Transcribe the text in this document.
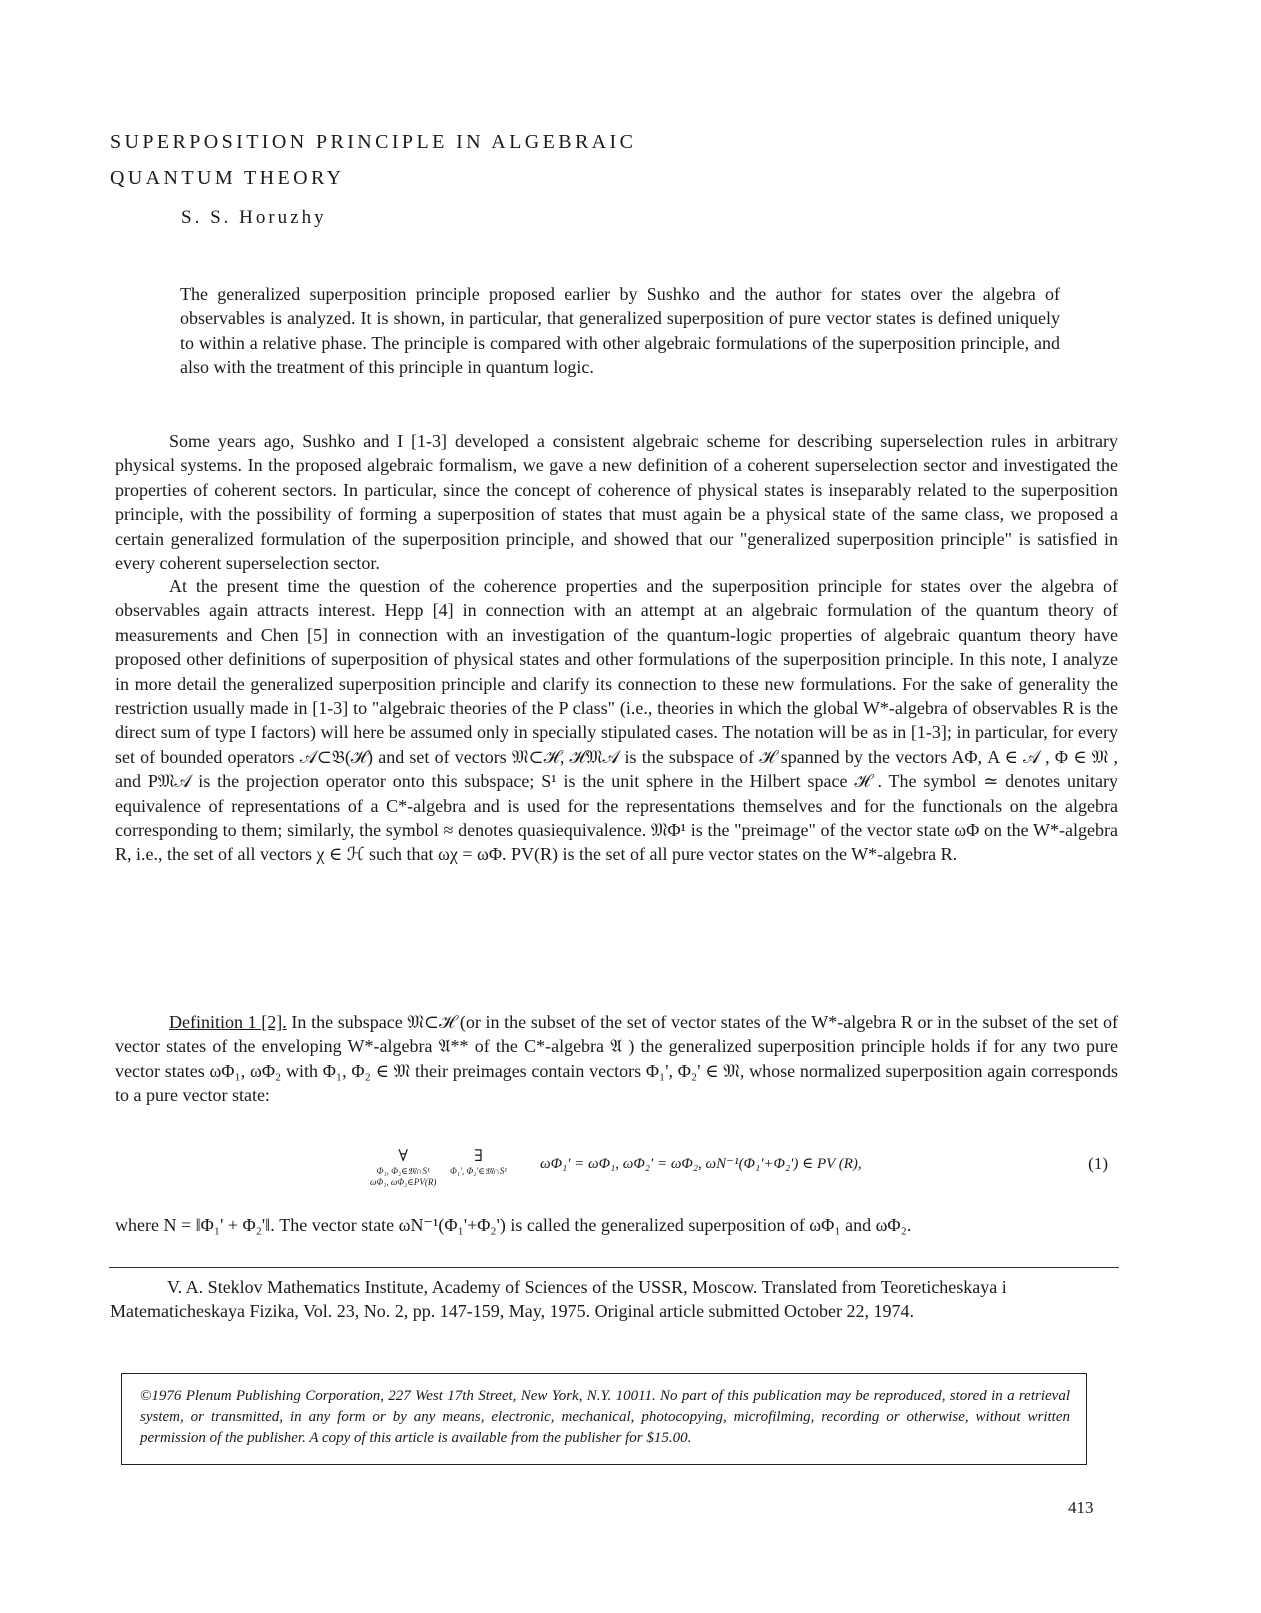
SUPERPOSITION PRINCIPLE IN ALGEBRAIC
QUANTUM THEORY
S. S. Horuzhy
The generalized superposition principle proposed earlier by Sushko and the author for states over the algebra of observables is analyzed. It is shown, in particular, that generalized superposition of pure vector states is defined uniquely to within a relative phase. The principle is compared with other algebraic formulations of the superposition principle, and also with the treatment of this principle in quantum logic.

Some years ago, Sushko and I [1-3] developed a consistent algebraic scheme for describing superselection rules in arbitrary physical systems. In the proposed algebraic formalism, we gave a new definition of a coherent superselection sector and investigated the properties of coherent sectors. In particular, since the concept of coherence of physical states is inseparably related to the superposition principle, with the possibility of forming a superposition of states that must again be a physical state of the same class, we proposed a certain generalized formulation of the superposition principle, and showed that our "generalized superposition principle" is satisfied in every coherent superselection sector.

At the present time the question of the coherence properties and the superposition principle for states over the algebra of observables again attracts interest. Hepp [4] in connection with an attempt at an algebraic formulation of the quantum theory of measurements and Chen [5] in connection with an investigation of the quantum-logic properties of algebraic quantum theory have proposed other definitions of superposition of physical states and other formulations of the superposition principle. In this note, I analyze in more detail the generalized superposition principle and clarify its connection to these new formulations. For the sake of generality the restriction usually made in [1-3] to "algebraic theories of the P class" (i.e., theories in which the global W*-algebra of observables R is the direct sum of type I factors) will here be assumed only in specially stipulated cases. The notation will be as in [1-3]; in particular, for every set of bounded operators 𝒜⊂𝔅(ℋ) and set of vectors 𝔐⊂ℋ, ℋ𝔐𝒜 is the subspace of ℋ spanned by the vectors AΦ, A ∈ 𝒜 , Φ ∈ 𝔐 , and P𝔐𝒜 is the projection operator onto this subspace; S¹ is the unit sphere in the Hilbert space ℋ . The symbol ≃ denotes unitary equivalence of representations of a C*-algebra and is used for the representations themselves and for the functionals on the algebra corresponding to them; similarly, the symbol ≈ denotes quasiequivalence. 𝔐Φ¹ is the "preimage" of the vector state ωΦ on the W*-algebra R, i.e., the set of all vectors χ ∈ ℋ such that ωχ = ωΦ. PV(R) is the set of all pure vector states on the W*-algebra R.

Definition 1 [2]. In the subspace 𝔐⊂ℋ (or in the subset of the set of vector states of the W*-algebra R or in the subset of the set of vector states of the enveloping W*-algebra 𝔄** of the C*-algebra 𝔄 ) the generalized superposition principle holds if for any two pure vector states ωΦ₁, ωΦ₂ with Φ₁, Φ₂ ∈ 𝔐 their preimages contain vectors Φ₁', Φ₂' ∈ 𝔐, whose normalized superposition again corresponds to a pure vector state:

∀
Φ₁, Φ₂∈𝔐∩S¹
ωΦ₁, ωΦ₂∈PV(R)
∃
Φ₁', Φ₂'∈𝔐∩S¹ ωΦ₁' = ωΦ₁, ωΦ₂' = ωΦ₂, ωN⁻¹(Φ₁'+Φ₂') ∈ PV (R),	(1)
where N = ‖Φ₁' + Φ₂'‖. The vector state ωN⁻¹(Φ₁'+Φ₂') is called the generalized superposition of ωΦ₁ and ωΦ₂.

V. A. Steklov Mathematics Institute, Academy of Sciences of the USSR, Moscow. Translated from Teoreticheskaya i Matematicheskaya Fizika, Vol. 23, No. 2, pp. 147-159, May, 1975. Original article submitted October 22, 1974.

©1976 Plenum Publishing Corporation, 227 West 17th Street, New York, N.Y. 10011. No part of this publication may be reproduced, stored in a retrieval system, or transmitted, in any form or by any means, electronic, mechanical, photocopying, microfilming, recording or otherwise, without written permission of the publisher. A copy of this article is available from the publisher for $15.00.
413
